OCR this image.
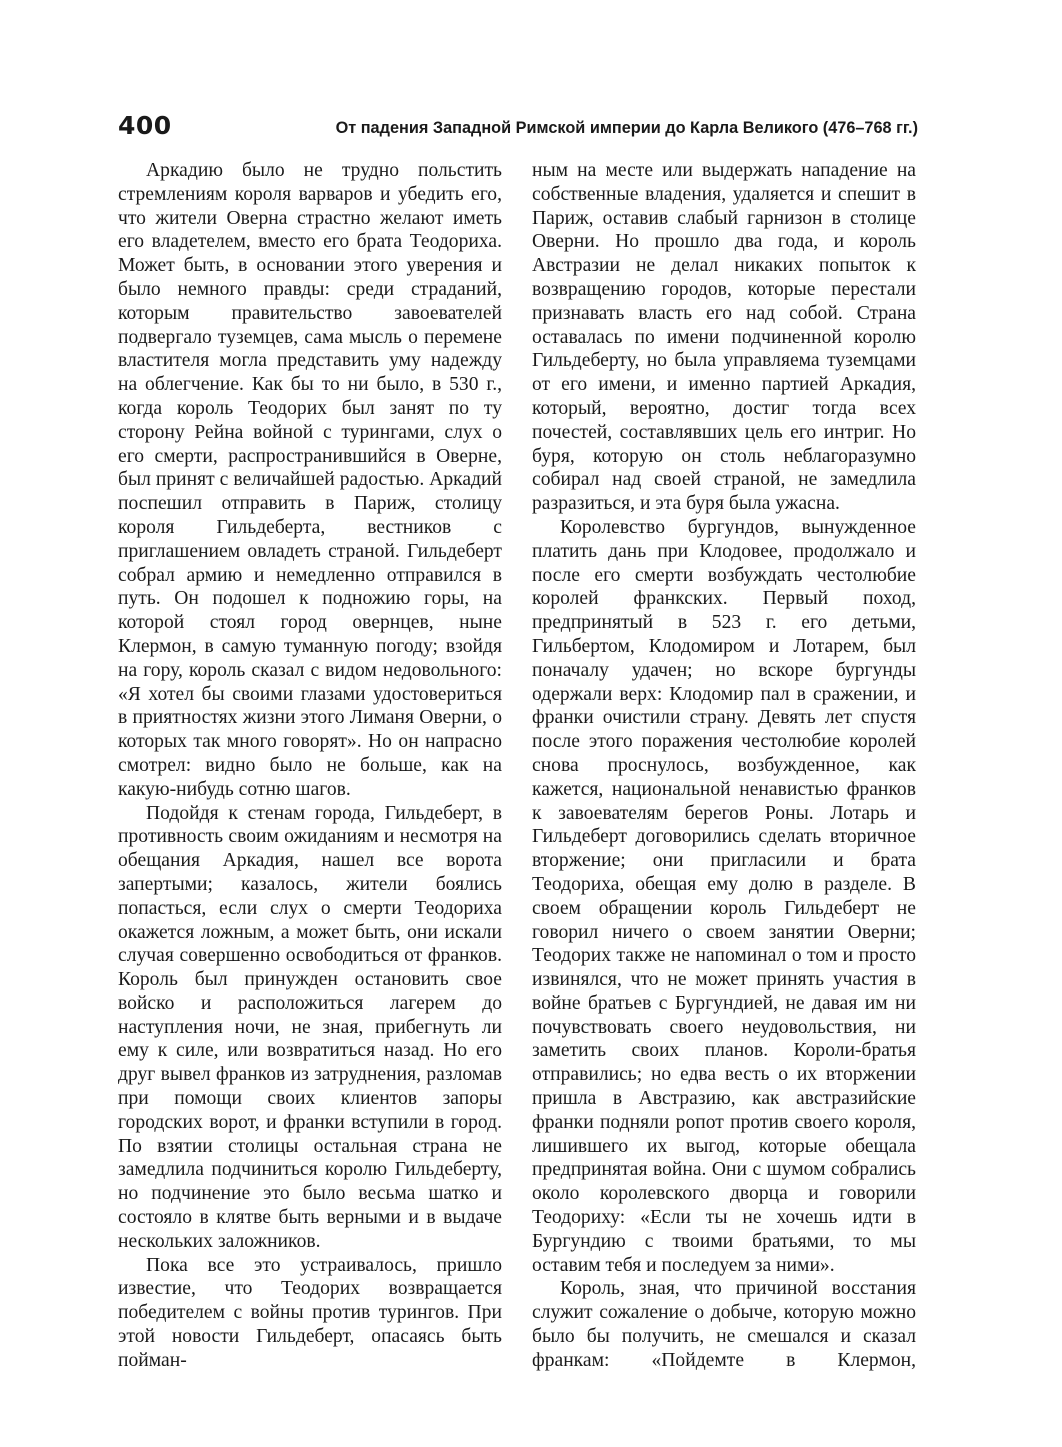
400	От падения Западной Римской империи до Карла Великого (476–768 гг.)

Аркадию было не трудно польстить стремлениям короля варваров и убедить его, что жители Оверна страстно желают иметь его владетелем, вместо его брата Теодориха. Может быть, в основании этого уверения и было немного правды: среди страданий, которым правительство завоевателей подвергало туземцев, сама мысль о перемене властителя могла представить уму надежду на облегчение. Как бы то ни было, в 530 г., когда король Теодорих был занят по ту сторону Рейна войной с турингами, слух о его смерти, распространившийся в Оверне, был принят с величайшей радостью. Аркадий поспешил отправить в Париж, столицу короля Гильдеберта, вестников с приглашением овладеть страной. Гильдеберт собрал армию и немедленно отправился в путь. Он подошел к подножию горы, на которой стоял город овернцев, ныне Клермон, в самую туманную погоду; взойдя на гору, король сказал с видом недовольного: «Я хотел бы своими глазами удостовериться в приятностях жизни этого Лиманя Оверни, о которых так много говорят». Но он напрасно смотрел: видно было не больше, как на какую-нибудь сотню шагов.

Подойдя к стенам города, Гильдеберт, в противность своим ожиданиям и несмотря на обещания Аркадия, нашел все ворота запертыми; казалось, жители боялись попасться, если слух о смерти Теодориха окажется ложным, а может быть, они искали случая совершенно освободиться от франков. Король был принужден остановить свое войско и расположиться лагерем до наступления ночи, не зная, прибегнуть ли ему к силе, или возвратиться назад. Но его друг вывел франков из затруднения, разломав при помощи своих клиентов запоры городских ворот, и франки вступили в город. По взятии столицы остальная страна не замедлила подчиниться королю Гильдеберту, но подчинение это было весьма шатко и состояло в клятве быть верными и в выдаче нескольких заложников.

Пока все это устраивалось, пришло известие, что Теодорих возвращается победителем с войны против турингов. При этой новости Гильдеберт, опасаясь быть пойман-

ным на месте или выдержать нападение на собственные владения, удаляется и спешит в Париж, оставив слабый гарнизон в столице Оверни. Но прошло два года, и король Австразии не делал никаких попыток к возвращению городов, которые перестали признавать власть его над собой. Страна оставалась по имени подчиненной королю Гильдеберту, но была управляема туземцами от его имени, и именно партией Аркадия, который, вероятно, достиг тогда всех почестей, составлявших цель его интриг. Но буря, которую он столь неблагоразумно собирал над своей страной, не замедлила разразиться, и эта буря была ужасна.

Королевство бургундов, вынужденное платить дань при Клодовее, продолжало и после его смерти возбуждать честолюбие королей франкских. Первый поход, предпринятый в 523 г. его детьми, Гильбертом, Клодомиром и Лотарем, был поначалу удачен; но вскоре бургунды одержали верх: Клодомир пал в сражении, и франки очистили страну. Девять лет спустя после этого поражения честолюбие королей снова проснулось, возбужденное, как кажется, национальной ненавистью франков к завоевателям берегов Роны. Лотарь и Гильдеберт договорились сделать вторичное вторжение; они пригласили и брата Теодориха, обещая ему долю в разделе. В своем обращении король Гильдеберт не говорил ничего о своем занятии Оверни; Теодорих также не напоминал о том и просто извинялся, что не может принять участия в войне братьев с Бургундией, не давая им ни почувствовать своего неудовольствия, ни заметить своих планов. Короли-братья отправились; но едва весть о их вторжении пришла в Австразию, как австразийские франки подняли ропот против своего короля, лишившего их выгод, которые обещала предпринятая война. Они с шумом собрались около королевского дворца и говорили Теодориху: «Если ты не хочешь идти в Бургундию с твоими братьями, то мы оставим тебя и последуем за ними».

Король, зная, что причиной восстания служит сожаление о добыче, которую можно было бы получить, не смешался и сказал франкам: «Пойдемте в Клермон,
